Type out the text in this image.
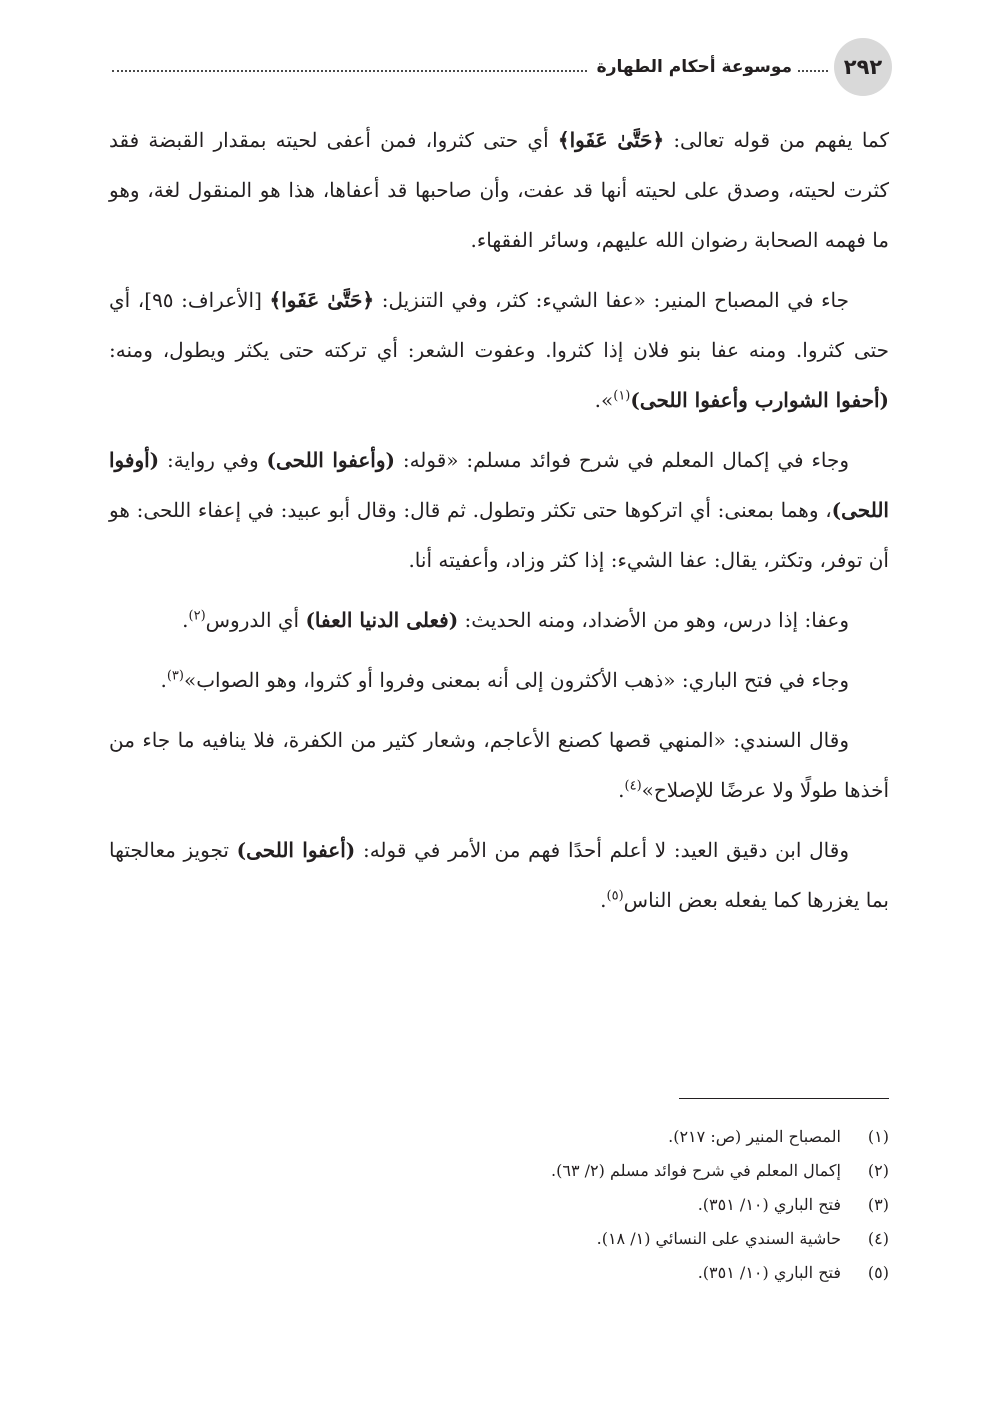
٢٩٢
موسوعة أحكام الطهارة

كما يفهم من قوله تعالى: ﴿حَتَّىٰ عَفَوا﴾ أي حتى كثروا، فمن أعفى لحيته بمقدار القبضة فقد كثرت لحيته، وصدق على لحيته أنها قد عفت، وأن صاحبها قد أعفاها، هذا هو المنقول لغة، وهو ما فهمه الصحابة رضوان الله عليهم، وسائر الفقهاء.

جاء في المصباح المنير: «عفا الشيء: كثر، وفي التنزيل: ﴿حَتَّىٰ عَفَوا﴾ [الأعراف: ٩٥]، أي حتى كثروا. ومنه عفا بنو فلان إذا كثروا. وعفوت الشعر: أي تركته حتى يكثر ويطول، ومنه: (أحفوا الشوارب وأعفوا اللحى)$^{(١)}$».

وجاء في إكمال المعلم في شرح فوائد مسلم: «قوله: (وأعفوا اللحى) وفي رواية: (أوفوا اللحى)، وهما بمعنى: أي اتركوها حتى تكثر وتطول. ثم قال: وقال أبو عبيد: في إعفاء اللحى: هو أن توفر، وتكثر، يقال: عفا الشيء: إذا كثر وزاد، وأعفيته أنا.

وعفا: إذا درس، وهو من الأضداد، ومنه الحديث: (فعلى الدنيا العفا) أي الدروس$^{(٢)}$.

وجاء في فتح الباري: «ذهب الأكثرون إلى أنه بمعنى وفروا أو كثروا، وهو الصواب»$^{(٣)}$.

وقال السندي: «المنهي قصها كصنع الأعاجم، وشعار كثير من الكفرة، فلا ينافيه ما جاء من أخذها طولًا ولا عرضًا للإصلاح»$^{(٤)}$.

وقال ابن دقيق العيد: لا أعلم أحدًا فهم من الأمر في قوله: (أعفوا اللحى) تجويز معالجتها بما يغزرها كما يفعله بعض الناس$^{(٥)}$.

(١)
المصباح المنير (ص: ٢١٧).
(٢)
إكمال المعلم في شرح فوائد مسلم (٢/ ٦٣).
(٣)
فتح الباري (١٠/ ٣٥١).
(٤)
حاشية السندي على النسائي (١/ ١٨).
(٥)
فتح الباري (١٠/ ٣٥١).
